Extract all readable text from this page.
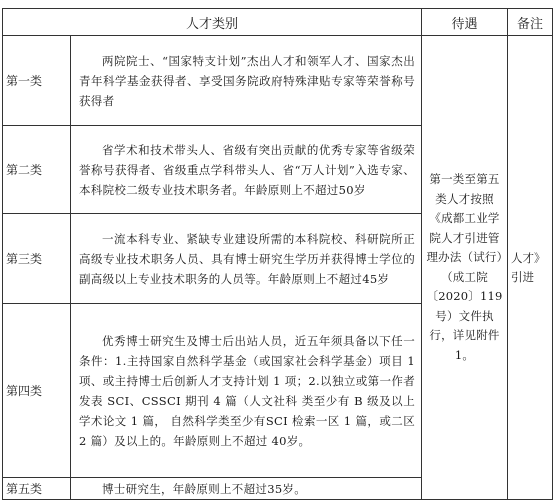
人才类别		待遇	备注
第一类	两院院士、“国家特支计划”杰出人才和领军人才、国家杰出青年科学基金获得者、享受国务院政府特殊津贴专家等荣誉称号获得者	第一类至第五类人才按照《成都工业学院人才引进管理办法（试行）（成工院〔2020〕119号）文件执行，详见附件 1。	人才》引进
第二类	省学术和技术带头人、省级有突出贡献的优秀专家等省级荣誉称号获得者、省级重点学科带头人、省“万人计划”入选专家、本科院校二级专业技术职务者。年龄原则上不超过50岁		

第三类	一流本科专业、紧缺专业建设所需的本科院校、科研院所正高级专业技术职务人员、具有博士研究生学历并获得博士学位的副高级以上专业技术职务的人员等。年龄原则上不超过45岁		

第四类	优秀博士研究生及博士后出站人员，近五年须具备以下任一条件：1.主持国家自然科学基金（或国家社会科学基金）项目 1 项、或主持博士后创新人才支持计划 1 项；2.以独立或第一作者发表 SCI、CSSCI 期刊 4 篇（人文社科 类至少有 B 级及以上学术论文 1 篇， 自然科学类至少有SCI 检索一区 1 篇，或二区 2 篇）及以上的。年龄原则上不超过 40岁。		

第五类	博士研究生，年龄原则上不超过35岁。		
